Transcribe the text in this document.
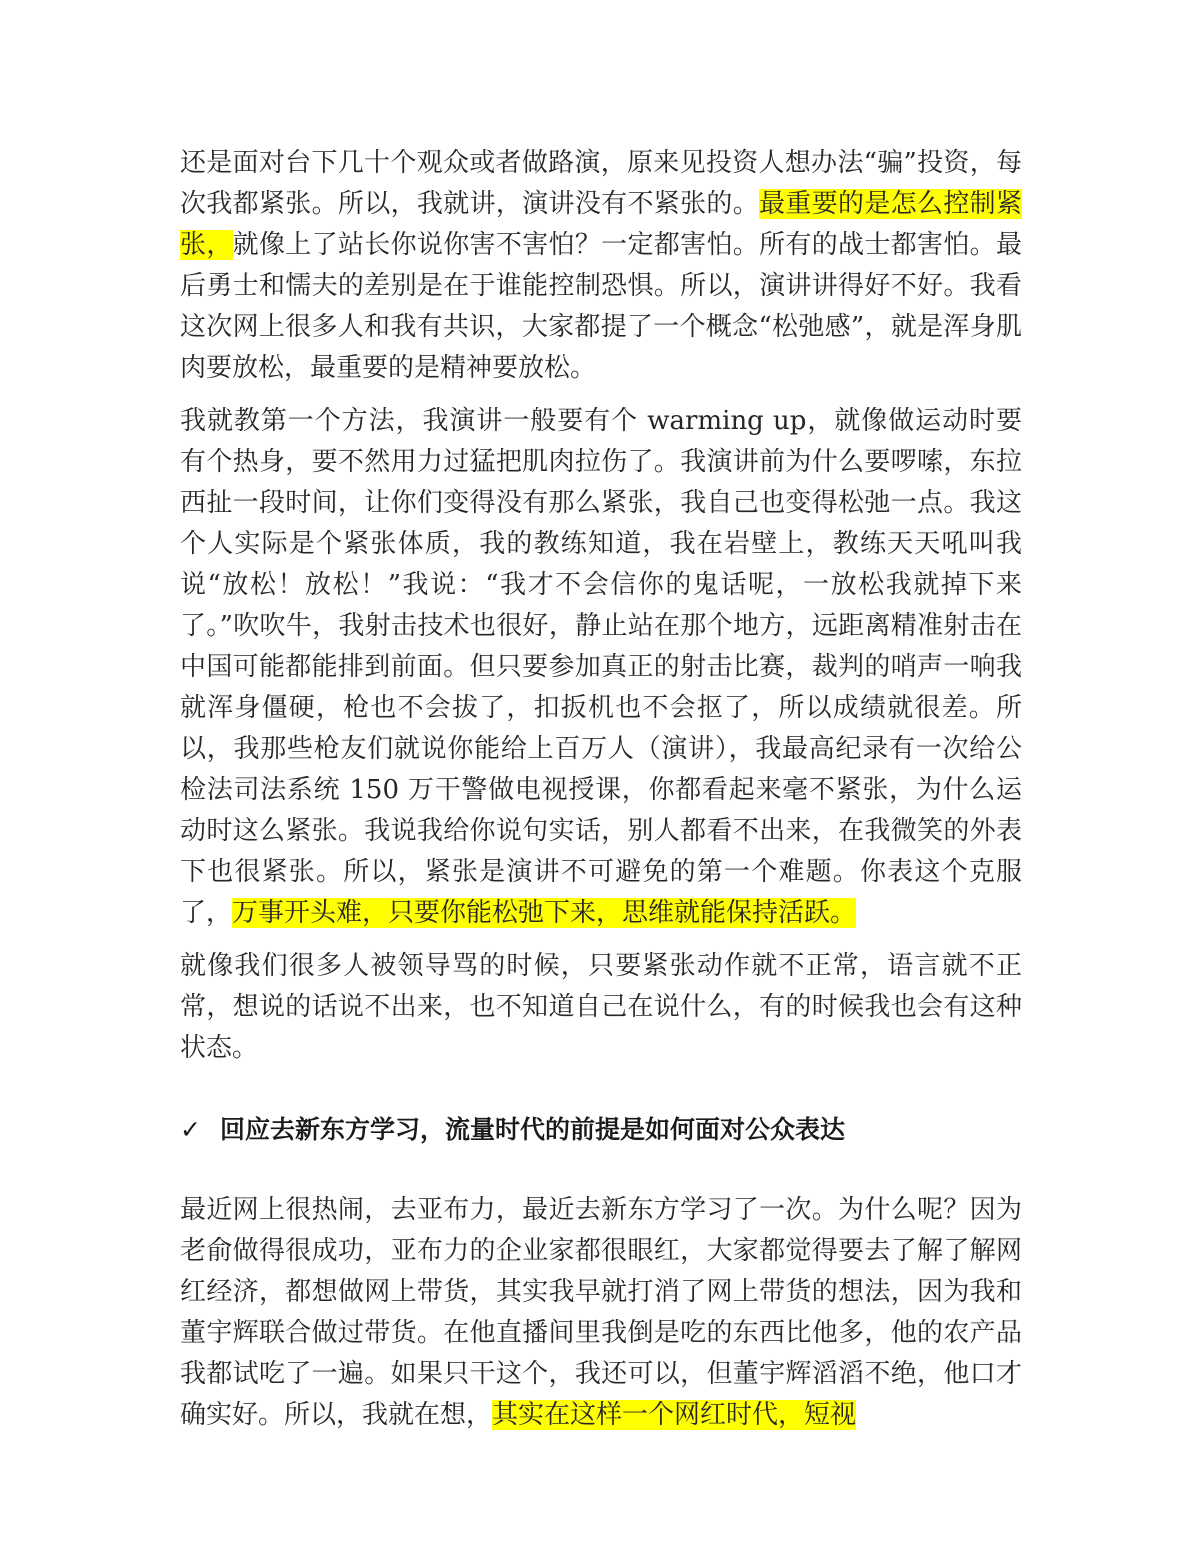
还是面对台下几十个观众或者做路演，原来见投资人想办法“骗”投资，每次我都紧张。所以，我就讲，演讲没有不紧张的。最重要的是怎么控制紧张，就像上了站长你说你害不害怕？一定都害怕。所有的战士都害怕。最后勇士和懦夫的差别是在于谁能控制恐惧。所以，演讲讲得好不好。我看这次网上很多人和我有共识，大家都提了一个概念“松弛感”，就是浑身肌肉要放松，最重要的是精神要放松。

我就教第一个方法，我演讲一般要有个 warming up，就像做运动时要有个热身，要不然用力过猛把肌肉拉伤了。我演讲前为什么要啰嗦，东拉西扯一段时间，让你们变得没有那么紧张，我自己也变得松弛一点。我这个人实际是个紧张体质，我的教练知道，我在岩壁上，教练天天吼叫我说“放松！放松！”我说：“我才不会信你的鬼话呢，一放松我就掉下来了。”吹吹牛，我射击技术也很好，静止站在那个地方，远距离精准射击在中国可能都能排到前面。但只要参加真正的射击比赛，裁判的哨声一响我就浑身僵硬，枪也不会拔了，扣扳机也不会抠了，所以成绩就很差。所以，我那些枪友们就说你能给上百万人（演讲），我最高纪录有一次给公检法司法系统 150 万干警做电视授课，你都看起来毫不紧张，为什么运动时这么紧张。我说我给你说句实话，别人都看不出来，在我微笑的外表下也很紧张。所以，紧张是演讲不可避免的第一个难题。你表这个克服了，万事开头难，只要你能松弛下来，思维就能保持活跃。

就像我们很多人被领导骂的时候，只要紧张动作就不正常，语言就不正常，想说的话说不出来，也不知道自己在说什么，有的时候我也会有这种状态。

✓ 回应去新东方学习，流量时代的前提是如何面对公众表达

最近网上很热闹，去亚布力，最近去新东方学习了一次。为什么呢？因为老俞做得很成功，亚布力的企业家都很眼红，大家都觉得要去了解了解网红经济，都想做网上带货，其实我早就打消了网上带货的想法，因为我和董宇辉联合做过带货。在他直播间里我倒是吃的东西比他多，他的农产品我都试吃了一遍。如果只干这个，我还可以，但董宇辉滔滔不绝，他口才确实好。所以，我就在想，其实在这样一个网红时代，短视
